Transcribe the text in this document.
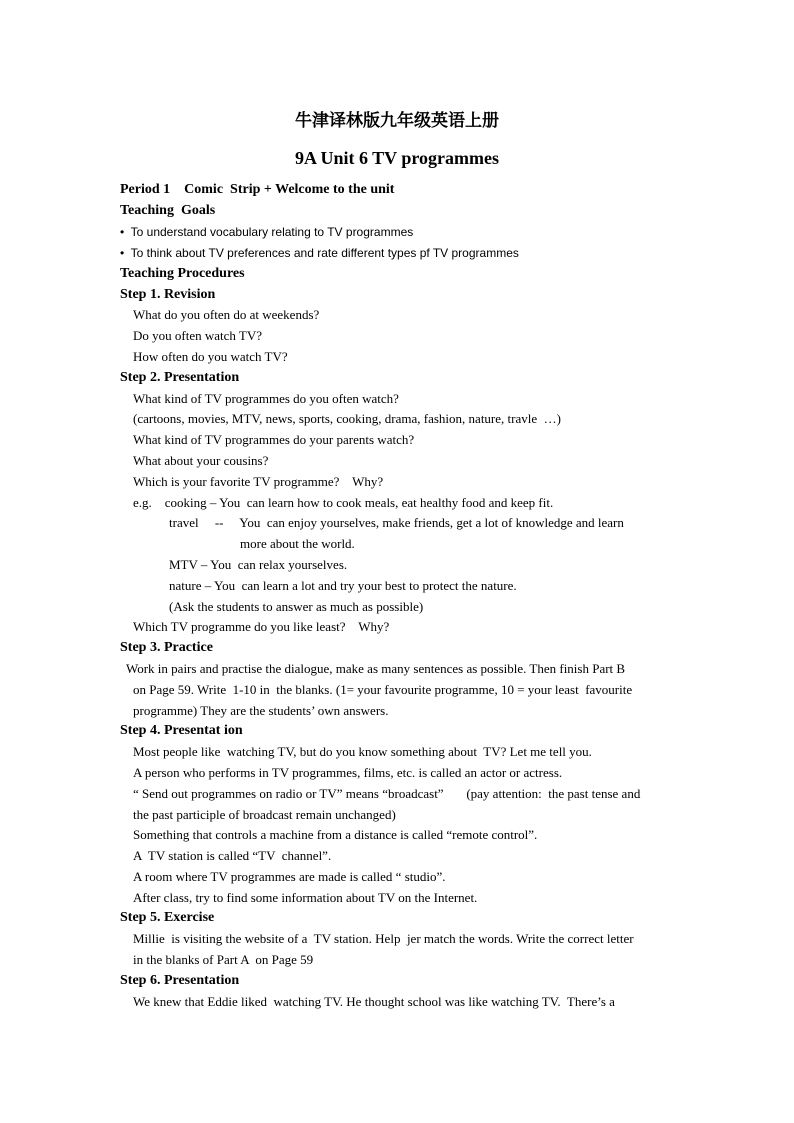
牛津译林版九年级英语上册
9A Unit 6 TV programmes
Period 1    Comic  Strip + Welcome to the unit
Teaching  Goals
•  To understand vocabulary relating to TV programmes
•  To think about TV preferences and rate different types pf TV programmes
Teaching Procedures
Step 1. Revision
What do you often do at weekends?
Do you often watch TV?
How often do you watch TV?
Step 2. Presentation
What kind of TV programmes do you often watch?
(cartoons, movies, MTV, news, sports, cooking, drama, fashion, nature, travle  …)
What kind of TV programmes do your parents watch?
What about your cousins?
Which is your favorite TV programme?    Why?
e.g.    cooking – You  can learn how to cook meals, eat healthy food and keep fit.
travel     --     You  can enjoy yourselves, make friends, get a lot of knowledge and learn
more about the world.
MTV – You  can relax yourselves.
nature – You  can learn a lot and try your best to protect the nature.
(Ask the students to answer as much as possible)
Which TV programme do you like least?    Why?
Step 3. Practice
Work in pairs and practise the dialogue, make as many sentences as possible. Then finish Part B
on Page 59. Write  1-10 in  the blanks. (1= your favourite programme, 10 = your least  favourite
programme) They are the students’ own answers.
Step 4. Presentat ion
Most people like  watching TV, but do you know something about  TV? Let me tell you.
A person who performs in TV programmes, films, etc. is called an actor or actress.
“ Send out programmes on radio or TV” means “broadcast”       (pay attention:  the past tense and
the past participle of broadcast remain unchanged)
Something that controls a machine from a distance is called “remote control”.
A  TV station is called “TV  channel”.
A room where TV programmes are made is called “ studio”.
After class, try to find some information about TV on the Internet.
Step 5. Exercise
Millie  is visiting the website of a  TV station. Help  jer match the words. Write the correct letter
in the blanks of Part A  on Page 59
Step 6. Presentation
We knew that Eddie liked  watching TV. He thought school was like watching TV.  There’s a
